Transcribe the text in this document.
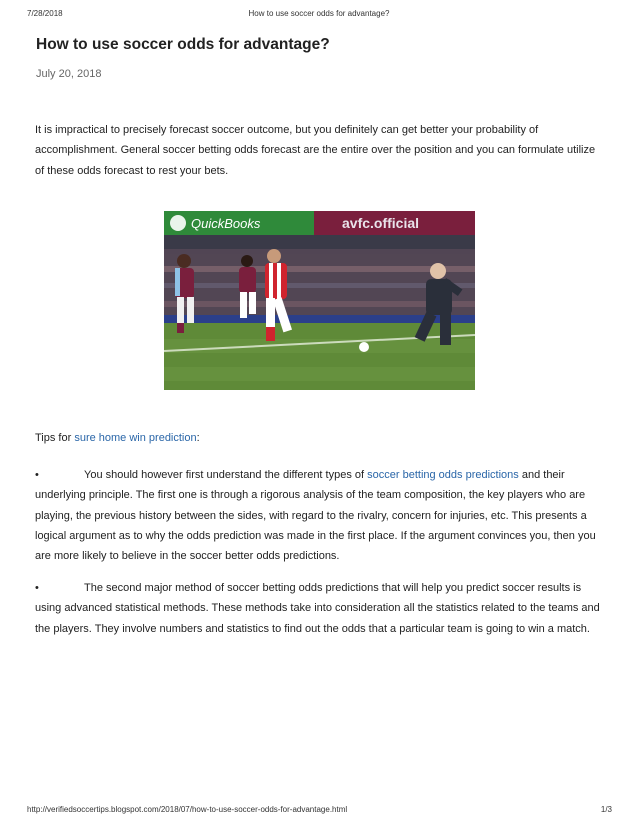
7/28/2018	How to use soccer odds for advantage?
How to use soccer odds for advantage?
July 20, 2018

It is impractical to precisely forecast soccer outcome, but you definitely can get better your probability of accomplishment. General soccer betting odds forecast are the entire over the position and you can formulate utilize of these odds forecast to rest your bets.

QuickBooks	avfc.official

Tips for sure home win prediction:

•	You should however first understand the different types of soccer betting odds predictions and their underlying principle. The first one is through a rigorous analysis of the team composition, the key players who are playing, the previous history between the sides, with regard to the rivalry, concern for injuries, etc. This presents a logical argument as to why the odds prediction was made in the first place. If the argument convinces you, then you are more likely to believe in the soccer better odds predictions.

•	The second major method of soccer betting odds predictions that will help you predict soccer results is using advanced statistical methods. These methods take into consideration all the statistics related to the teams and the players. They involve numbers and statistics to find out the odds that a particular team is going to win a match.

http://verifiedsoccertips.blogspot.com/2018/07/how-to-use-soccer-odds-for-advantage.html	1/3
